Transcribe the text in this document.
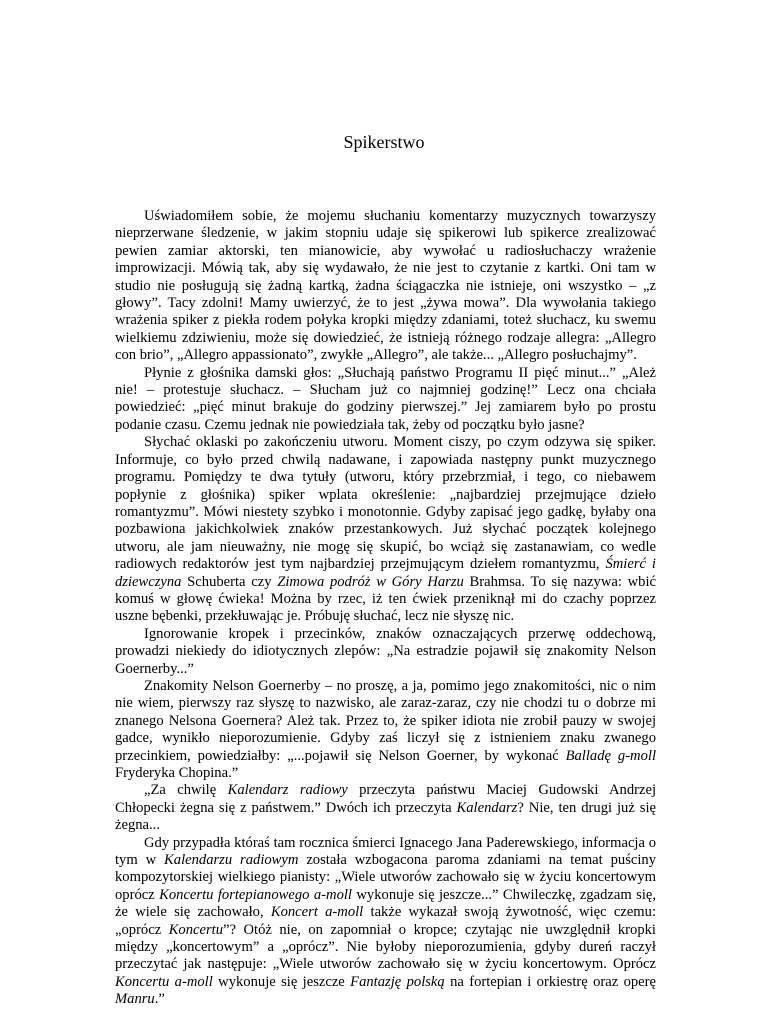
Spikerstwo

Uświadomiłem sobie, że mojemu słuchaniu komentarzy muzycznych towarzyszy nieprzerwane śledzenie, w jakim stopniu udaje się spikerowi lub spikerce zrealizować pewien zamiar aktorski, ten mianowicie, aby wywołać u radiosłuchaczy wrażenie improwizacji. Mówią tak, aby się wydawało, że nie jest to czytanie z kartki. Oni tam w studio nie posługują się żadną kartką, żadna ściągaczka nie istnieje, oni wszystko – „z głowy”. Tacy zdolni! Mamy uwierzyć, że to jest „żywa mowa”. Dla wywołania takiego wrażenia spiker z piekła rodem połyka kropki między zdaniami, toteż słuchacz, ku swemu wielkiemu zdziwieniu, może się dowiedzieć, że istnieją różnego rodzaje allegra: „Allegro con brio”, „Allegro appassionato”, zwykłe „Allegro”, ale także... „Allegro posłuchajmy”.

Płynie z głośnika damski głos: „Słuchają państwo Programu II pięć minut...” „Ależ nie! – protestuje słuchacz. – Słucham już co najmniej godzinę!” Lecz ona chciała powiedzieć: „pięć minut brakuje do godziny pierwszej.” Jej zamiarem było po prostu podanie czasu. Czemu jednak nie powiedziała tak, żeby od początku było jasne?

Słychać oklaski po zakończeniu utworu. Moment ciszy, po czym odzywa się spiker. Informuje, co było przed chwilą nadawane, i zapowiada następny punkt muzycznego programu. Pomiędzy te dwa tytuły (utworu, który przebrzmiał, i tego, co niebawem popłynie z głośnika) spiker wplata określenie: „najbardziej przejmujące dzieło romantyzmu”. Mówi niestety szybko i monotonnie. Gdyby zapisać jego gadkę, byłaby ona pozbawiona jakichkolwiek znaków przestankowych. Już słychać początek kolejnego utworu, ale jam nieuważny, nie mogę się skupić, bo wciąż się zastanawiam, co wedle radiowych redaktorów jest tym najbardziej przejmującym dziełem romantyzmu, Śmierć i dziewczyna Schuberta czy Zimowa podróż w Góry Harzu Brahmsa. To się nazywa: wbić komuś w głowę ćwieka! Można by rzec, iż ten ćwiek przeniknął mi do czachy poprzez uszne bębenki, przekłuwając je. Próbuję słuchać, lecz nie słyszę nic.

Ignorowanie kropek i przecinków, znaków oznaczających przerwę oddechową, prowadzi niekiedy do idiotycznych zlepów: „Na estradzie pojawił się znakomity Nelson Goernerby...”

Znakomity Nelson Goernerby – no proszę, a ja, pomimo jego znakomitości, nic o nim nie wiem, pierwszy raz słyszę to nazwisko, ale zaraz-zaraz, czy nie chodzi tu o dobrze mi znanego Nelsona Goernera? Ależ tak. Przez to, że spiker idiota nie zrobił pauzy w swojej gadce, wynikło nieporozumienie. Gdyby zaś liczył się z istnieniem znaku zwanego przecinkiem, powiedziałby: „...pojawił się Nelson Goerner, by wykonać Balladę g-moll Fryderyka Chopina.”

„Za chwilę Kalendarz radiowy przeczyta państwu Maciej Gudowski Andrzej Chłopecki żegna się z państwem.” Dwóch ich przeczyta Kalendarz? Nie, ten drugi już się żegna...

Gdy przypadła któraś tam rocznica śmierci Ignacego Jana Paderewskiego, informacja o tym w Kalendarzu radiowym została wzbogacona paroma zdaniami na temat puściny kompozytorskiej wielkiego pianisty: „Wiele utworów zachowało się w życiu koncertowym oprócz Koncertu fortepianowego a-moll wykonuje się jeszcze...” Chwileczkę, zgadzam się, że wiele się zachowało, Koncert a-moll także wykazał swoją żywotność, więc czemu: „oprócz Koncertu”? Otóż nie, on zapomniał o kropce; czytając nie uwzględnił kropki między „koncertowym” a „oprócz”. Nie byłoby nieporozumienia, gdyby dureń raczył przeczytać jak następuje: „Wiele utworów zachowało się w życiu koncertowym. Oprócz Koncertu a-moll wykonuje się jeszcze Fantazję polską na fortepian i orkiestrę oraz operę Manru.”
